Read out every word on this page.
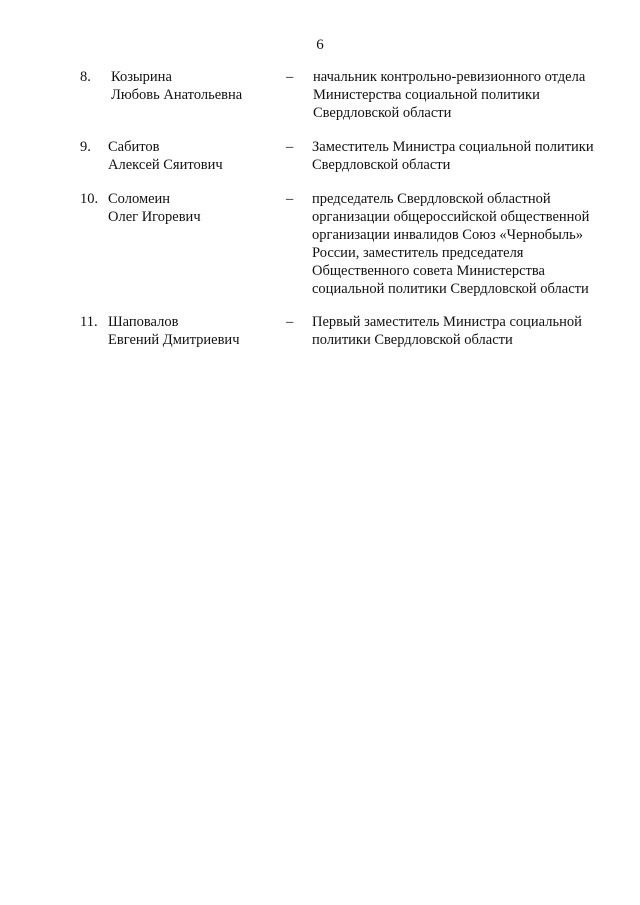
6
8. Козырина
Любовь Анатольевна
– начальник контрольно-ревизионного отдела
Министерства социальной политики
Свердловской области
9. Сабитов
Алексей Сяитович
– Заместитель Министра социальной политики
Свердловской области
10. Соломеин
Олег Игоревич
– председатель Свердловской областной
организации общероссийской общественной
организации инвалидов Союз «Чернобыль»
России, заместитель председателя
Общественного совета Министерства
социальной политики Свердловской области
11. Шаповалов
Евгений Дмитриевич
– Первый заместитель Министра социальной
политики Свердловской области
